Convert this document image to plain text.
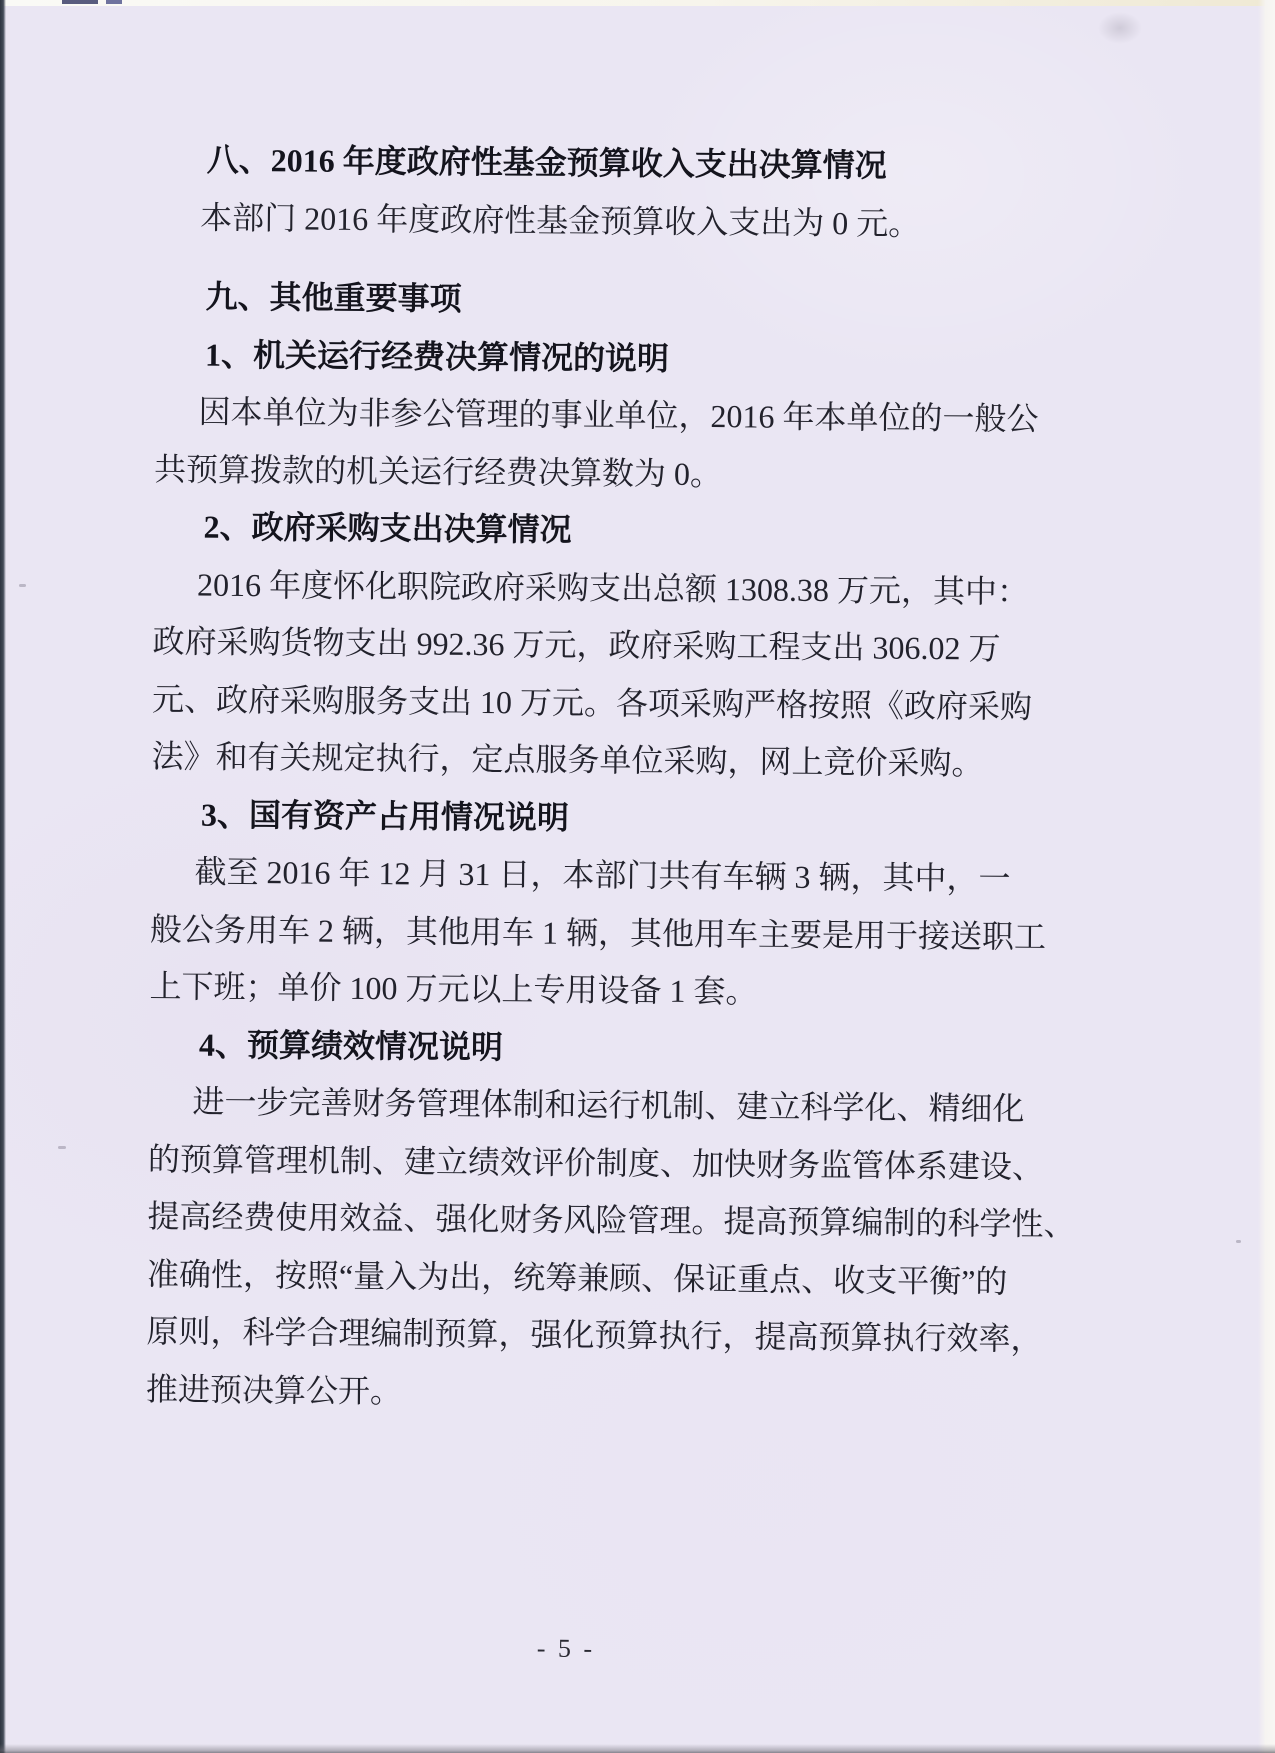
八、2016 年度政府性基金预算收入支出决算情况
本部门 2016 年度政府性基金预算收入支出为 0 元。
九、其他重要事项
1、机关运行经费决算情况的说明
因本单位为非参公管理的事业单位，2016 年本单位的一般公
共预算拨款的机关运行经费决算数为 0。
2、政府采购支出决算情况
2016 年度怀化职院政府采购支出总额 1308.38 万元，其中：
政府采购货物支出 992.36 万元，政府采购工程支出 306.02 万
元、政府采购服务支出 10 万元。各项采购严格按照《政府采购
法》和有关规定执行，定点服务单位采购，网上竞价采购。
3、国有资产占用情况说明
截至 2016 年 12 月 31 日，本部门共有车辆 3 辆，其中，一
般公务用车 2 辆，其他用车 1 辆，其他用车主要是用于接送职工
上下班；单价 100 万元以上专用设备 1 套。
4、预算绩效情况说明
进一步完善财务管理体制和运行机制、建立科学化、精细化
的预算管理机制、建立绩效评价制度、加快财务监管体系建设、
提高经费使用效益、强化财务风险管理。提高预算编制的科学性、
准确性，按照“量入为出，统筹兼顾、保证重点、收支平衡”的
原则，科学合理编制预算，强化预算执行，提高预算执行效率，
推进预决算公开。
- 5 -
